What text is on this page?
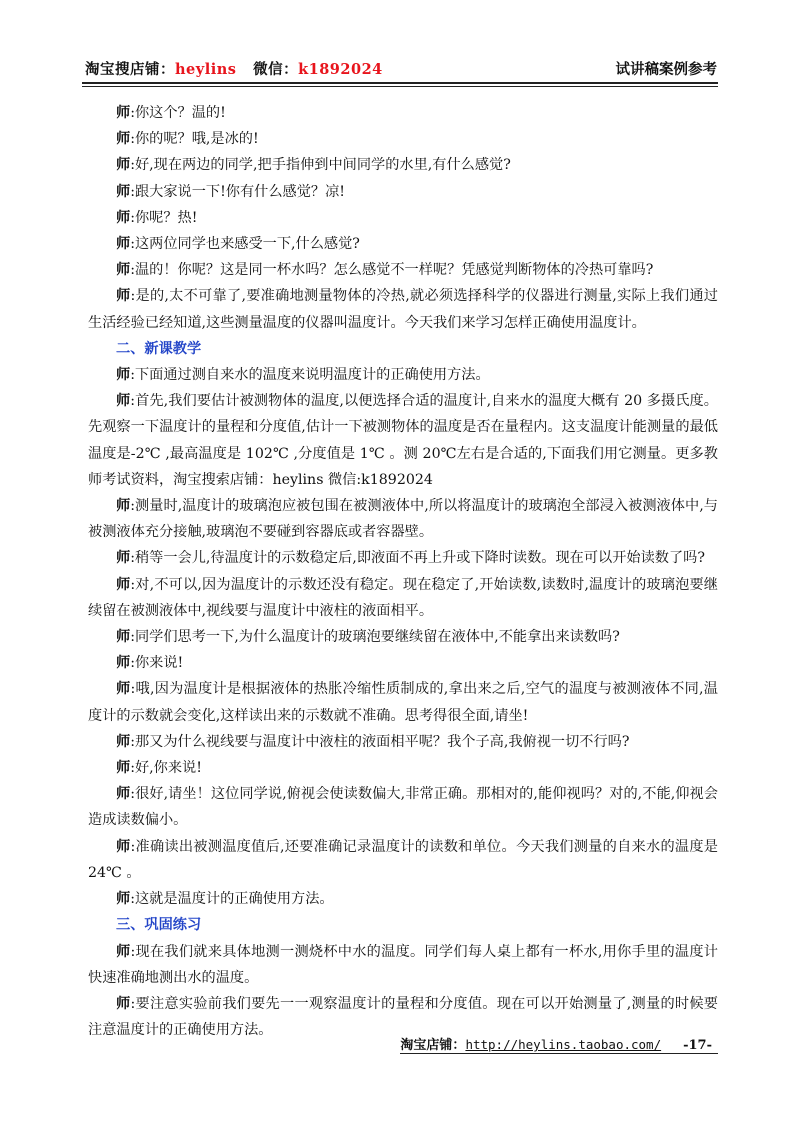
淘宝搜店铺：heylins 微信：k1892024	试讲稿案例参考

师:你这个？温的!

师:你的呢？哦,是冰的!

师:好,现在两边的同学,把手指伸到中间同学的水里,有什么感觉?

师:跟大家说一下!你有什么感觉？凉!

师:你呢？热!

师:这两位同学也来感受一下,什么感觉?

师:温的！你呢？这是同一杯水吗？怎么感觉不一样呢？凭感觉判断物体的冷热可靠吗?

师:是的,太不可靠了,要准确地测量物体的冷热,就必须选择科学的仪器进行测量,实际上我们通过生活经验已经知道,这些测量温度的仪器叫温度计。今天我们来学习怎样正确使用温度计。

二、新课教学

师:下面通过测自来水的温度来说明温度计的正确使用方法。

师:首先,我们要估计被测物体的温度,以便选择合适的温度计,自来水的温度大概有 20 多摄氏度。先观察一下温度计的量程和分度值,估计一下被测物体的温度是否在量程内。这支温度计能测量的最低温度是-2℃ ,最高温度是 102℃ ,分度值是 1℃ 。测 20℃左右是合适的,下面我们用它测量。更多教师考试资料，淘宝搜索店铺：heylins 微信:k1892024

师:测量时,温度计的玻璃泡应被包围在被测液体中,所以将温度计的玻璃泡全部浸入被测液体中,与被测液体充分接触,玻璃泡不要碰到容器底或者容器壁。

师:稍等一会儿,待温度计的示数稳定后,即液面不再上升或下降时读数。现在可以开始读数了吗?

师:对,不可以,因为温度计的示数还没有稳定。现在稳定了,开始读数,读数时,温度计的玻璃泡要继续留在被测液体中,视线要与温度计中液柱的液面相平。

师:同学们思考一下,为什么温度计的玻璃泡要继续留在液体中,不能拿出来读数吗?

师:你来说!

师:哦,因为温度计是根据液体的热胀冷缩性质制成的,拿出来之后,空气的温度与被测液体不同,温度计的示数就会变化,这样读出来的示数就不准确。思考得很全面,请坐!

师:那又为什么视线要与温度计中液柱的液面相平呢？我个子高,我俯视一切不行吗?

师:好,你来说!

师:很好,请坐！这位同学说,俯视会使读数偏大,非常正确。那相对的,能仰视吗？对的,不能,仰视会造成读数偏小。

师:准确读出被测温度值后,还要准确记录温度计的读数和单位。今天我们测量的自来水的温度是 24℃ 。

师:这就是温度计的正确使用方法。

三、巩固练习

师:现在我们就来具体地测一测烧杯中水的温度。同学们每人桌上都有一杯水,用你手里的温度计快速准确地测出水的温度。

师:要注意实验前我们要先一一观察温度计的量程和分度值。现在可以开始测量了,测量的时候要注意温度计的正确使用方法。

淘宝店铺：http://heylins.taobao.com/ -17-
